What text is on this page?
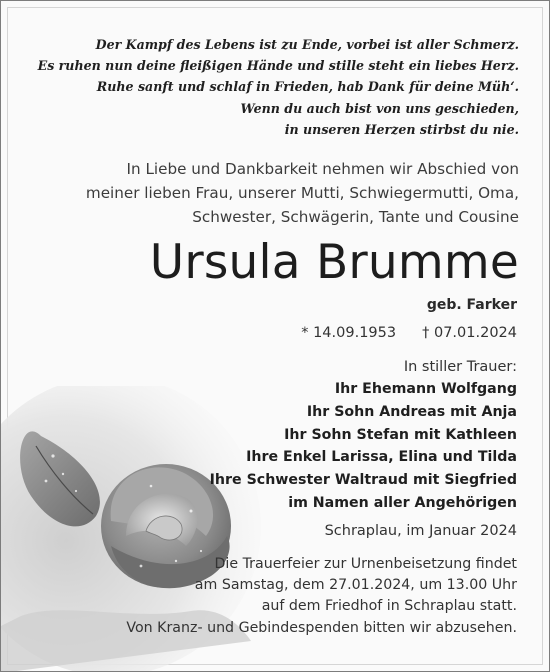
Der Kampf des Lebens ist zu Ende, vorbei ist aller Schmerz.
Es ruhen nun deine fleißigen Hände und stille steht ein liebes Herz.
Ruhe sanft und schlaf in Frieden, hab Dank für deine Müh‘.
Wenn du auch bist von uns geschieden,
in unseren Herzen stirbst du nie.
In Liebe und Dankbarkeit nehmen wir Abschied von
meiner lieben Frau, unserer Mutti, Schwiegermutti, Oma,
Schwester, Schwägerin, Tante und Cousine
Ursula Brumme
geb. Farker
* 14.09.1953 † 07.01.2024
In stiller Trauer:
Ihr Ehemann Wolfgang
Ihr Sohn Andreas mit Anja
Ihr Sohn Stefan mit Kathleen
Ihre Enkel Larissa, Elina und Tilda
Ihre Schwester Waltraud mit Siegfried
im Namen aller Angehörigen
Schraplau, im Januar 2024
Die Trauerfeier zur Urnenbeisetzung findet
am Samstag, dem 27.01.2024, um 13.00 Uhr
auf dem Friedhof in Schraplau statt.
Von Kranz- und Gebindespenden bitten wir abzusehen.
